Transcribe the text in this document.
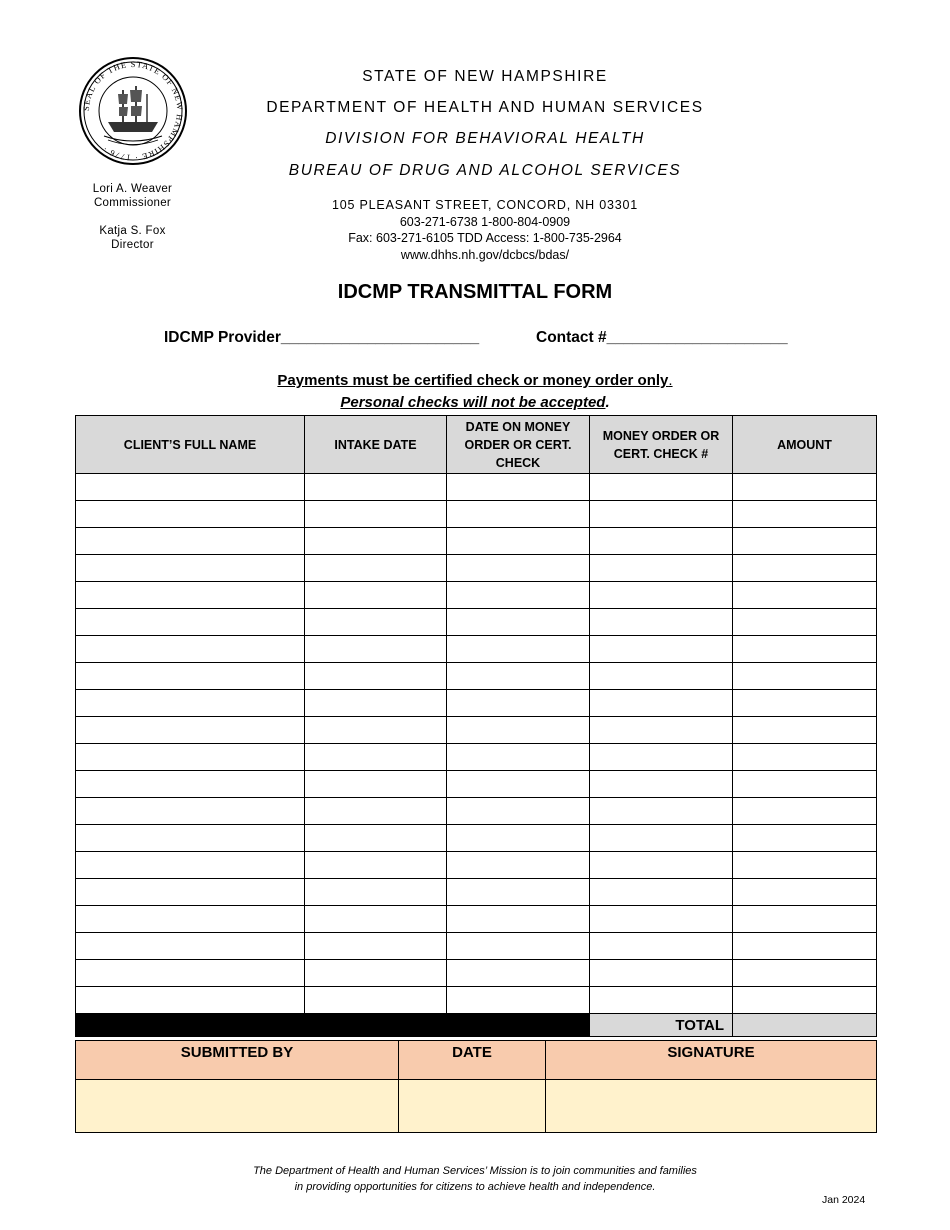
SEAL OF THE STATE OF NEW HAMPSHIRE · 1776 ·
Lori A. Weaver
Commissioner
Katja S. Fox
Director
STATE OF NEW HAMPSHIRE
DEPARTMENT OF HEALTH AND HUMAN SERVICES
DIVISION FOR BEHAVIORAL HEALTH
BUREAU OF DRUG AND ALCOHOL SERVICES
105 PLEASANT STREET, CONCORD, NH 03301
603-271-6738 1-800-804-0909
Fax: 603-271-6105 TDD Access: 1-800-735-2964
www.dhhs.nh.gov/dcbcs/bdas/
IDCMP TRANSMITTAL FORM
IDCMP Provider_______________________	Contact #_____________________
Payments must be certified check or money order only.
Personal checks will not be accepted.
CLIENT’S FULL NAME	INTAKE DATE	DATE ON MONEY ORDER OR CERT. CHECK	MONEY ORDER OR CERT. CHECK #	AMOUNT

			TOTAL	
SUBMITTED BY	DATE	SIGNATURE

The Department of Health and Human Services’ Mission is to join communities and families
in providing opportunities for citizens to achieve health and independence.
Jan 2024
